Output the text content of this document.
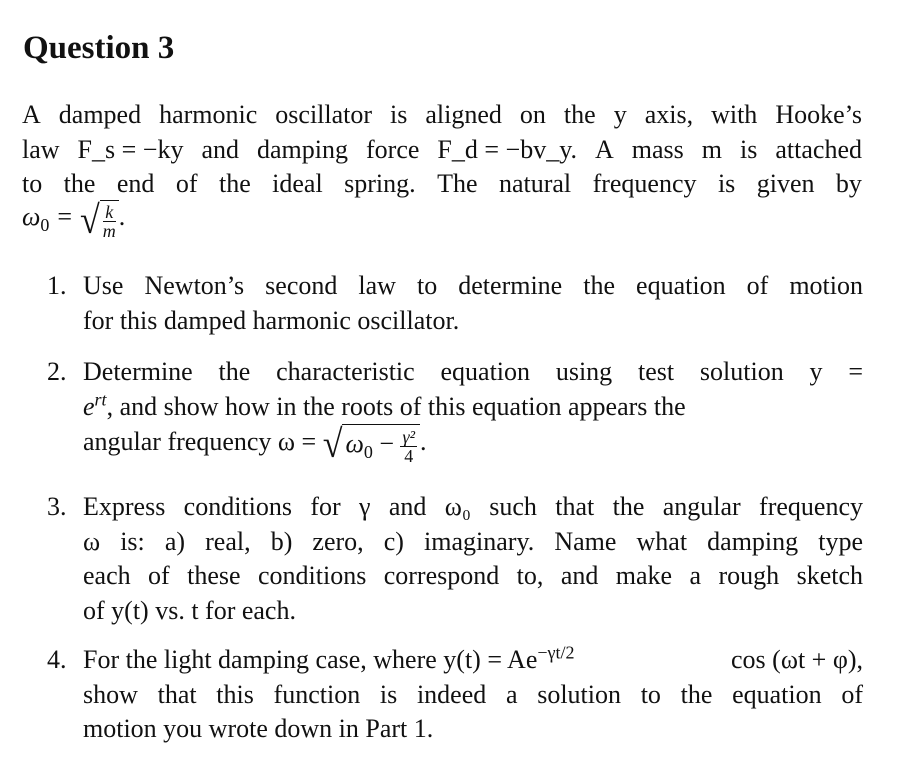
Question 3
A damped harmonic oscillator is aligned on the y axis, with Hooke’s
law F_s = −ky and damping force F_d = −bv_y. A mass m is attached
to the end of the ideal spring. The natural frequency is given by
$\omega_0$ = √ $\frac{k}{m}$ .
1. Use Newton’s second law to determine the equation of motion
for this damped harmonic oscillator.
2. Determine the characteristic equation using test solution y =
$e^{rt}$, and show how in the roots of this equation appears the
angular frequency ω = √ $\omega_0 - \frac{\text{γ²}}{4}$ .
3. Express conditions for γ and ω₀ such that the angular frequency
ω is: a) real, b) zero, c) imaginary. Name what damping type
each of these conditions correspond to, and make a rough sketch
of y(t) vs. t for each.
4. For the light damping case, where $y(t) = Ae^{-\gamma t/2}$	cos (ωt + φ),
show that this function is indeed a solution to the equation of
motion you wrote down in Part 1.
